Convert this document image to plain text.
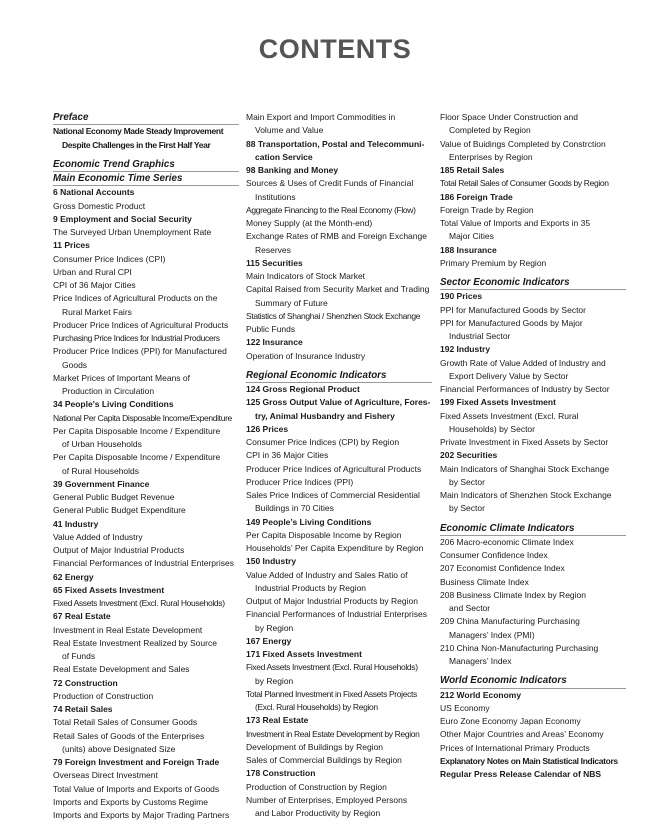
CONTENTS
Preface
National Economy Made Steady Improvement
Despite Challenges in the First Half Year
Economic Trend Graphics
Main Economic Time Series
6 National Accounts
Gross Domestic Product
9 Employment and Social Security
The Surveyed Urban Unemployment Rate
11 Prices
Consumer Price Indices (CPI)
Urban and Rural CPI
CPI of 36 Major Cities
Price Indices of Agricultural Products on the
Rural Market Fairs
Producer Price Indices of Agricultural Products
Purchasing Price Indices for Industrial Producers
Producer Price Indices (PPI) for Manufactured
Goods
Market Prices of Important Means of
Production in Circulation
34 People’s Living Conditions
National Per Capita Disposable Income/Expenditure
Per Capita Disposable Income / Expenditure
of Urban Households
Per Capita Disposable Income / Expenditure
of Rural Households
39 Government Finance
General Public Budget Revenue
General Public Budget Expenditure
41 Industry
Value Added of Industry
Output of Major Industrial Products
Financial Performances of Industrial Enterprises
62 Energy
65 Fixed Assets Investment
Fixed Assets Investment (Excl. Rural Households)
67 Real Estate
Investment in Real Estate Development
Real Estate Investment Realized by Source
of Funds
Real Estate Development and Sales
72 Construction
Production of Construction
74 Retail Sales
Total Retail Sales of Consumer Goods
Retail Sales of Goods of the Enterprises
(units) above Designated Size
79 Foreign Investment and Foreign Trade
Overseas Direct Investment
Total Value of Imports and Exports of Goods
Imports and Exports by Customs Regime
Imports and Exports by Major Trading Partners
Main Export and Import Commodities in
Volume and Value
88 Transportation, Postal and Telecommuni-
cation Service
98 Banking and Money
Sources & Uses of Credit Funds of Financial
Institutions
Aggregate Financing to the Real Economy (Flow)
Money Supply (at the Month-end)
Exchange Rates of RMB and Foreign Exchange
Reserves
115 Securities
Main Indicators of Stock Market
Capital Raised from Security Market and Trading
Summary of Future
Statistics of Shanghai / Shenzhen Stock Exchange
Public Funds
122 Insurance
Operation of Insurance Industry
Regional Economic Indicators
124 Gross Regional Product
125 Gross Output Value of Agriculture, Fores-
try, Animal Husbandry and Fishery
126 Prices
Consumer Price Indices (CPI) by Region
CPI in 36 Major Cities
Producer Price Indices of Agricultural Products
Producer Price Indices (PPI)
Sales Price Indices of Commercial Residential
Buildings in 70 Cities
149 People’s Living Conditions
Per Capita Disposable Income by Region
Households’ Per Capita Expenditure by Region
150 Industry
Value Added of Industry and Sales Ratio of
Industrial Products by Region
Output of Major Industrial Products by Region
Financial Performances of Industrial Enterprises
by Region
167 Energy
171 Fixed Assets Investment
Fixed Assets Investment (Excl. Rural Households)
by Region
Total Planned Investment in Fixed Assets Projects
(Excl. Rural Households) by Region
173 Real Estate
Investment in Real Estate Development by Region
Development of Buildings by Region
Sales of Commercial Buildings by Region
178 Construction
Production of Construction by Region
Number of Enterprises, Employed Persons
and Labor Productivity by Region
Floor Space Under Construction and
Completed by Region
Value of Buidings Completed by Constrction
Enterprises by Region
185 Retail Sales
Total Retail Sales of Consumer Goods by Region
186 Foreign Trade
Foreign Trade by Region
Total Value of Imports and Exports in 35
Major Cities
188 Insurance
Primary Premium by Region
Sector Economic Indicators
190 Prices
PPI for Manufactured Goods by Sector
PPI for Manufactured Goods by Major
Industrial Sector
192 Industry
Growth Rate of Value Added of Industry and
Export Delivery Value by Sector
Financial Performances of Industry by Sector
199 Fixed Assets Investment
Fixed Assets Investment (Excl. Rural
Households) by Sector
Private Investment in Fixed Assets by Sector
202 Securities
Main Indicators of Shanghai Stock Exchange
by Sector
Main Indicators of Shenzhen Stock Exchange
by Sector
Economic Climate Indicators
206 Macro-economic Climate Index
Consumer Confidence Index
207 Economist Confidence Index
Business Climate Index
208 Business Climate Index by Region
and Sector
209 China Manufacturing Purchasing
Managers’ Index (PMI)
210 China Non-Manufacturing Purchasing
Managers’ Index
World Economic Indicators
212 World Economy
US Economy
Euro Zone Economy Japan Economy
Other Major Countries and Areas’ Economy
Prices of International Primary Products
Explanatory Notes on Main Statistical Indicators
Regular Press Release Calendar of NBS
